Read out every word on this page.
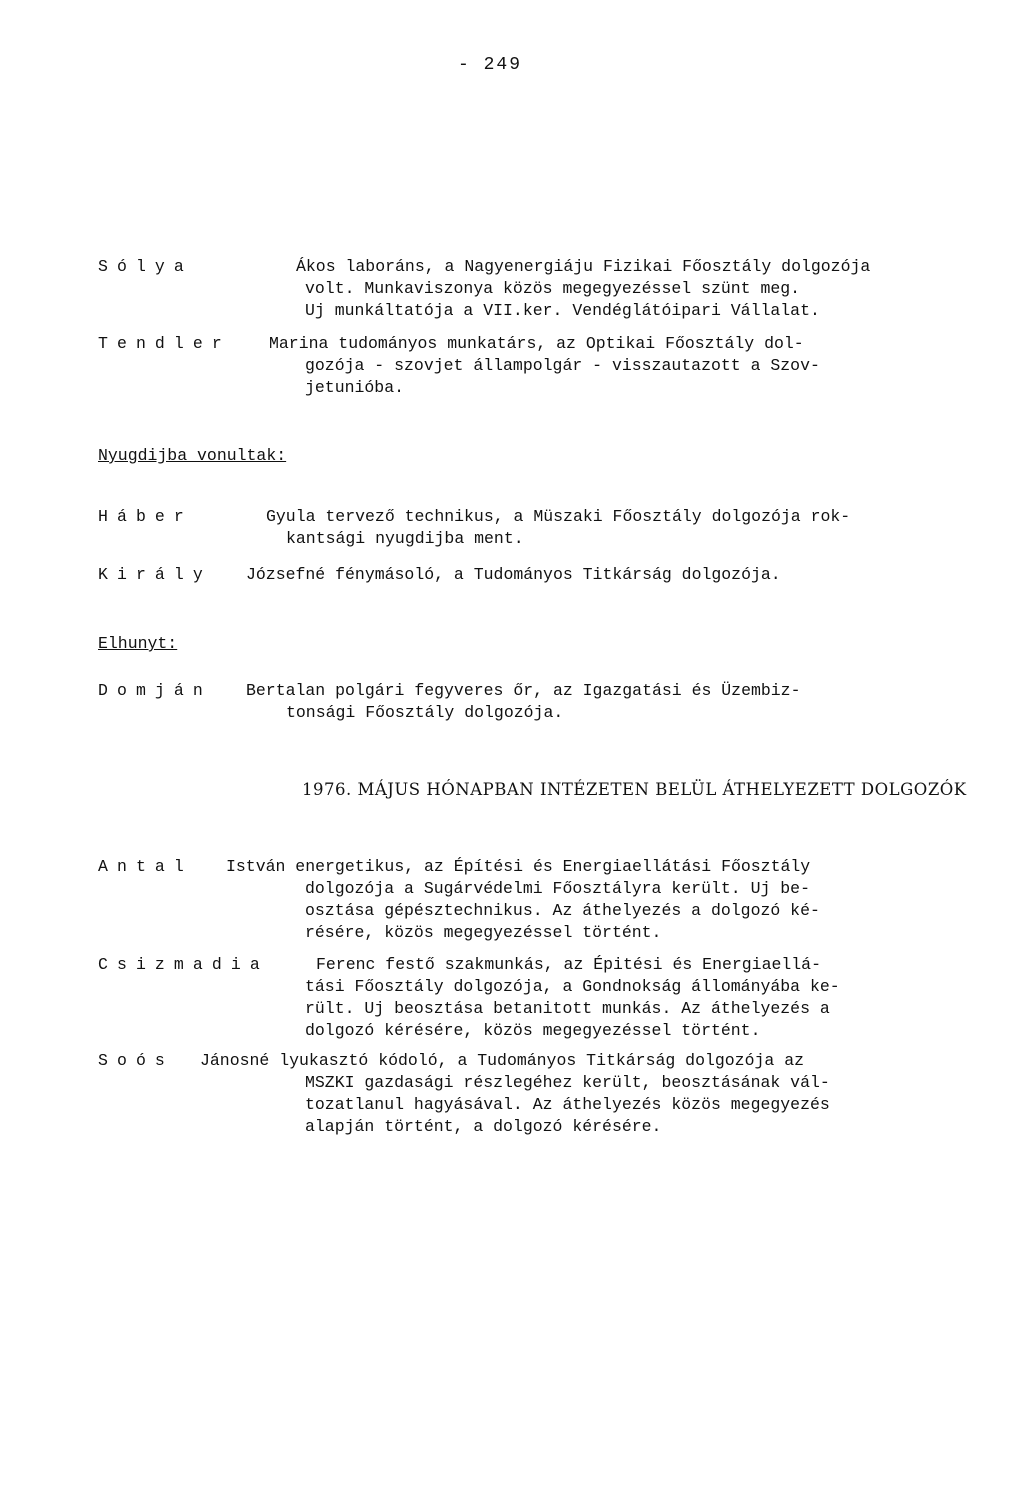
- 249
Sólya	Ákos laboráns, a Nagyenergiáju Fizikai Főosztály dolgozója
volt. Munkaviszonya közös megegyezéssel szünt meg.
Uj munkáltatója a VII.ker. Vendéglátóipari Vállalat.
Tendler	Marina tudományos munkatárs, az Optikai Főosztály dol-
gozója - szovjet állampolgár - visszautazott a Szov-
jetunióba.
Nyugdijba vonultak:
Háber	Gyula tervező technikus, a Müszaki Főosztály dolgozója rok-
kantsági nyugdijba ment.
Király	Józsefné fénymásoló, a Tudományos Titkárság dolgozója.
Elhunyt:
Domján	Bertalan polgári fegyveres őr, az Igazgatási és Üzembiz-
tonsági Főosztály dolgozója.
1976. MÁJUS HÓNAPBAN INTÉZETEN BELÜL ÁTHELYEZETT DOLGOZÓK
Antal	István energetikus, az Építési és Energiaellátási Főosztály
dolgozója a Sugárvédelmi Főosztályra került. Uj be-
osztása gépésztechnikus. Az áthelyezés a dolgozó ké-
résére, közös megegyezéssel történt.
Csizmadia	Ferenc festő szakmunkás, az Épitési és Energiaellá-
tási Főosztály dolgozója, a Gondnokság állományába ke-
rült. Uj beosztása betanitott munkás. Az áthelyezés a
dolgozó kérésére, közös megegyezéssel történt.
Soós	Jánosné lyukasztó kódoló, a Tudományos Titkárság dolgozója az
MSZKI gazdasági részlegéhez került, beosztásának vál-
tozatlanul hagyásával. Az áthelyezés közös megegyezés
alapján történt, a dolgozó kérésére.
